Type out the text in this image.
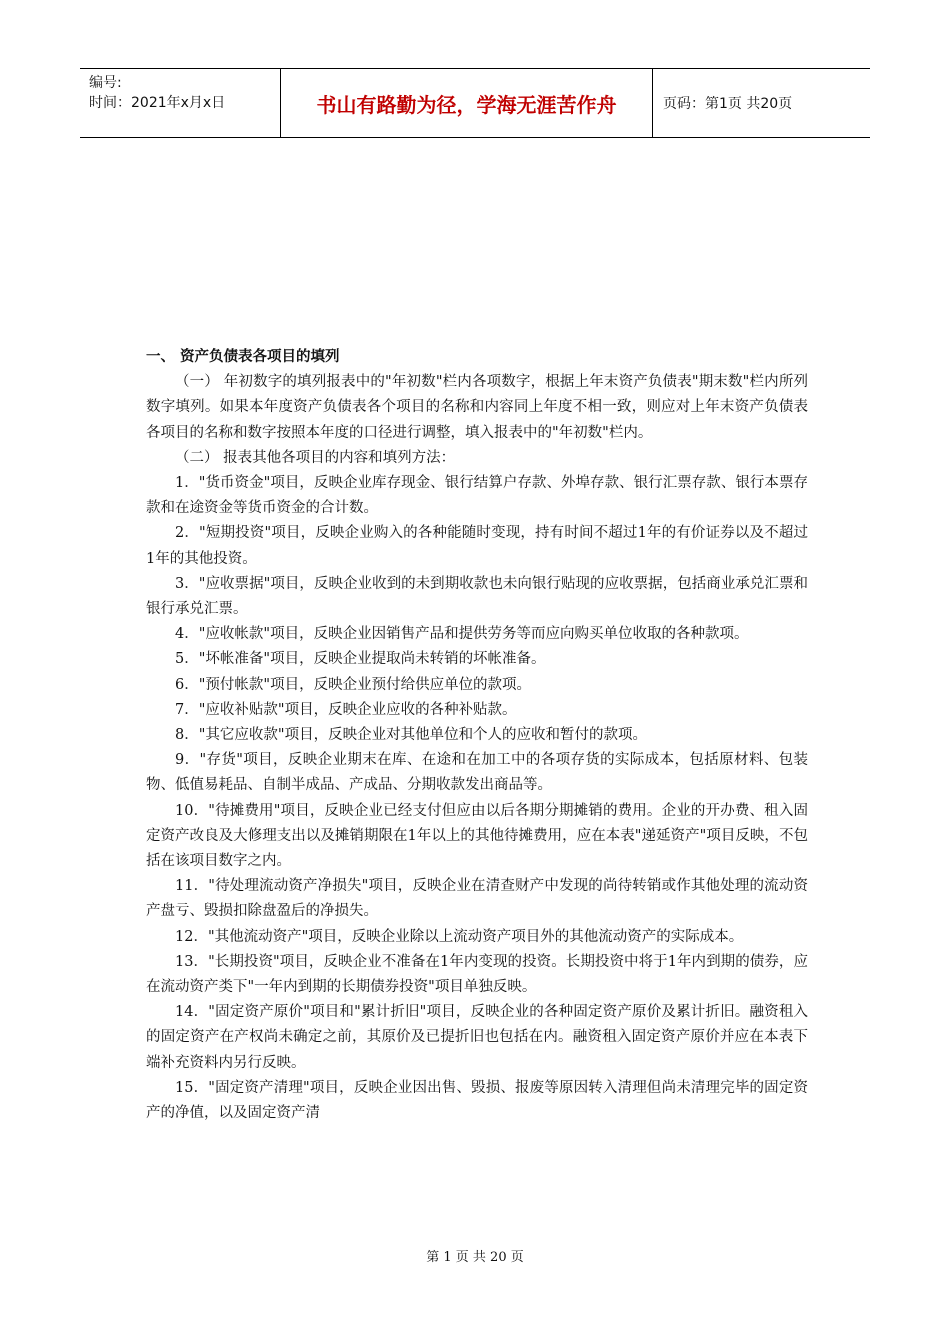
编号:
时间：2021年x月x日	书山有路勤为径，学海无涯苦作舟	页码：第1页 共20页

一、 资产负债表各项目的填列

（一） 年初数字的填列报表中的"年初数"栏内各项数字，根据上年末资产负债表"期末数"栏内所列数字填列。如果本年度资产负债表各个项目的名称和内容同上年度不相一致，则应对上年末资产负债表各项目的名称和数字按照本年度的口径进行调整，填入报表中的"年初数"栏内。

（二） 报表其他各项目的内容和填列方法：

1．"货币资金"项目，反映企业库存现金、银行结算户存款、外埠存款、银行汇票存款、银行本票存款和在途资金等货币资金的合计数。

2．"短期投资"项目，反映企业购入的各种能随时变现，持有时间不超过1年的有价证券以及不超过1年的其他投资。

3．"应收票据"项目，反映企业收到的未到期收款也未向银行贴现的应收票据，包括商业承兑汇票和银行承兑汇票。

4．"应收帐款"项目，反映企业因销售产品和提供劳务等而应向购买单位收取的各种款项。

5．"坏帐准备"项目，反映企业提取尚未转销的坏帐准备。

6．"预付帐款"项目，反映企业预付给供应单位的款项。

7．"应收补贴款"项目，反映企业应收的各种补贴款。

8．"其它应收款"项目，反映企业对其他单位和个人的应收和暂付的款项。

9．"存货"项目，反映企业期末在库、在途和在加工中的各项存货的实际成本，包括原材料、包装物、低值易耗品、自制半成品、产成品、分期收款发出商品等。

10．"待摊费用"项目，反映企业已经支付但应由以后各期分期摊销的费用。企业的开办费、租入固定资产改良及大修理支出以及摊销期限在1年以上的其他待摊费用，应在本表"递延资产"项目反映，不包括在该项目数字之内。

11．"待处理流动资产净损失"项目，反映企业在清查财产中发现的尚待转销或作其他处理的流动资产盘亏、毁损扣除盘盈后的净损失。

12．"其他流动资产"项目，反映企业除以上流动资产项目外的其他流动资产的实际成本。

13．"长期投资"项目，反映企业不准备在1年内变现的投资。长期投资中将于1年内到期的债券，应在流动资产类下"一年内到期的长期债券投资"项目单独反映。

14．"固定资产原价"项目和"累计折旧"项目，反映企业的各种固定资产原价及累计折旧。融资租入的固定资产在产权尚未确定之前，其原价及已提折旧也包括在内。融资租入固定资产原价并应在本表下端补充资料内另行反映。

15．"固定资产清理"项目，反映企业因出售、毁损、报废等原因转入清理但尚未清理完毕的固定资产的净值，以及固定资产清

第 1 页 共 20 页
